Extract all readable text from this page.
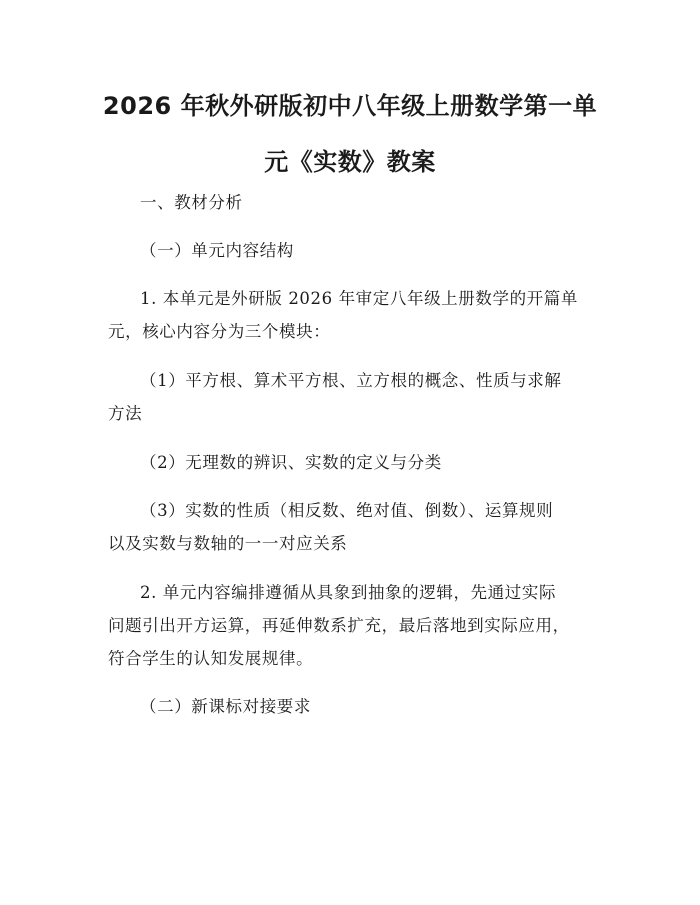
2026 年秋外研版初中八年级上册数学第一单
元《实数》教案
一、教材分析
（一）单元内容结构
1. 本单元是外研版 2026 年审定八年级上册数学的开篇单
元，核心内容分为三个模块：
（1）平方根、算术平方根、立方根的概念、性质与求解
方法
（2）无理数的辨识、实数的定义与分类
（3）实数的性质（相反数、绝对值、倒数）、运算规则
以及实数与数轴的一一对应关系
2. 单元内容编排遵循从具象到抽象的逻辑，先通过实际
问题引出开方运算，再延伸数系扩充，最后落地到实际应用，
符合学生的认知发展规律。
（二）新课标对接要求
